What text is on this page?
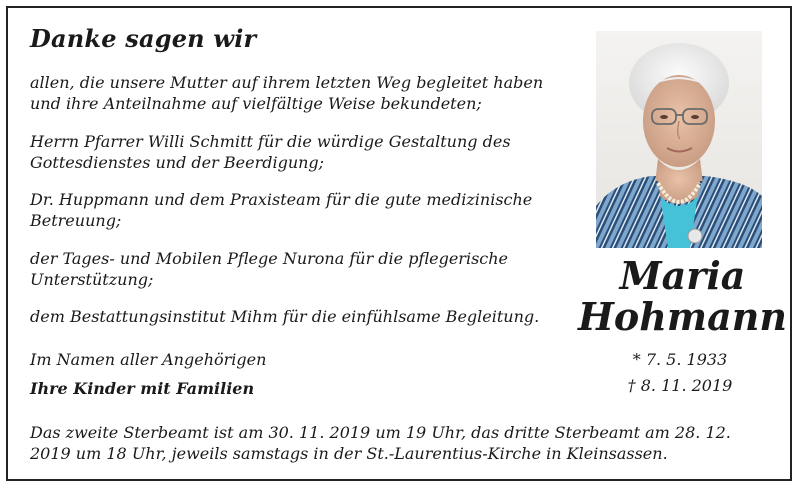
Danke sagen wir
allen, die unsere Mutter auf ihrem letzten Weg begleitet haben und ihre Anteilnahme auf vielfältige Weise bekundeten;
Herrn Pfarrer Willi Schmitt für die würdige Gestaltung des Gottesdienstes und der Beerdigung;
Dr. Huppmann und dem Praxisteam für die gute medizinische Betreuung;
der Tages- und Mobilen Pflege Nurona für die pflegerische Unterstützung;
dem Bestattungsinstitut Mihm für die einfühlsame Begleitung.
Im Namen aller Angehörigen
Ihre Kinder mit Familien
Maria
Hohmann
* 7. 5. 1933
† 8. 11. 2019
Das zweite Sterbeamt ist am 30. 11. 2019 um 19 Uhr, das dritte Sterbeamt am 28. 12. 2019 um 18 Uhr, jeweils samstags in der St.-Laurentius-Kirche in Kleinsassen.
